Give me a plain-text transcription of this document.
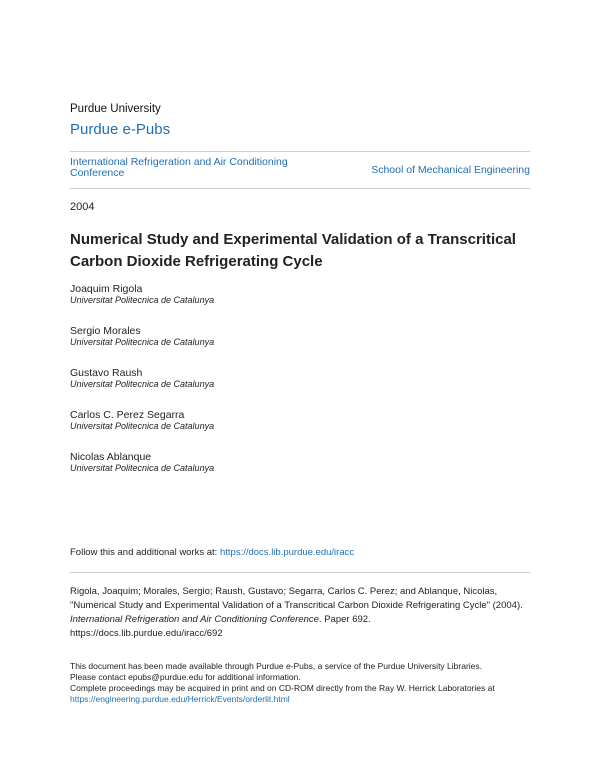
Purdue University
Purdue e-Pubs
International Refrigeration and Air Conditioning Conference	School of Mechanical Engineering
2004
Numerical Study and Experimental Validation of a Transcritical Carbon Dioxide Refrigerating Cycle
Joaquim Rigola
Universitat Politecnica de Catalunya
Sergio Morales
Universitat Politecnica de Catalunya
Gustavo Raush
Universitat Politecnica de Catalunya
Carlos C. Perez Segarra
Universitat Politecnica de Catalunya
Nicolas Ablanque
Universitat Politecnica de Catalunya
Follow this and additional works at: https://docs.lib.purdue.edu/iracc
Rigola, Joaquim; Morales, Sergio; Raush, Gustavo; Segarra, Carlos C. Perez; and Ablanque, Nicolas, "Numerical Study and Experimental Validation of a Transcritical Carbon Dioxide Refrigerating Cycle" (2004). International Refrigeration and Air Conditioning Conference. Paper 692.
https://docs.lib.purdue.edu/iracc/692
This document has been made available through Purdue e-Pubs, a service of the Purdue University Libraries.
Please contact epubs@purdue.edu for additional information.
Complete proceedings may be acquired in print and on CD-ROM directly from the Ray W. Herrick Laboratories at
https://engineering.purdue.edu/Herrick/Events/orderlit.html
